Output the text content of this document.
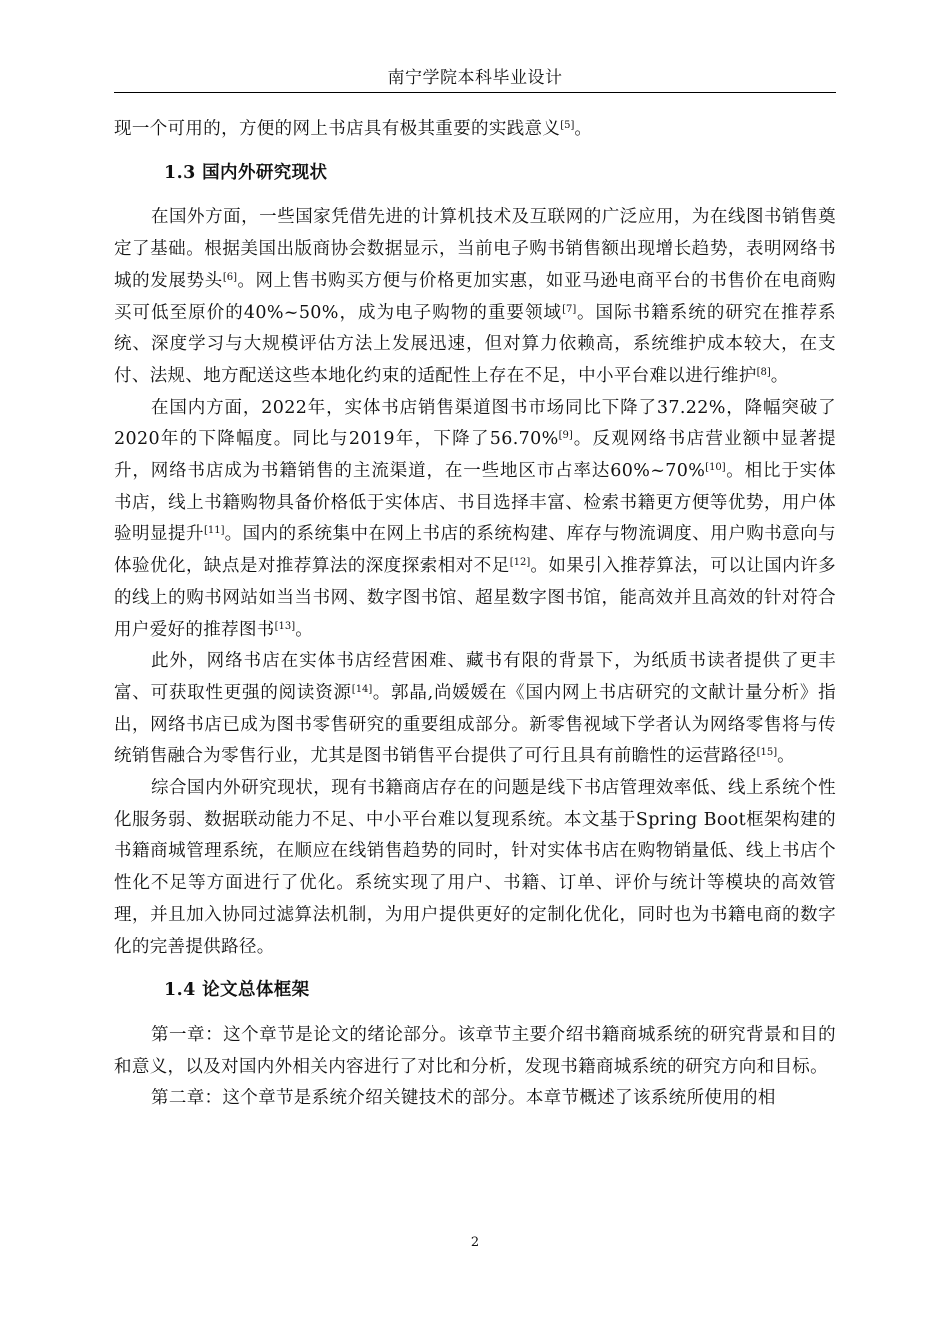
南宁学院本科毕业设计

现一个可用的，方便的网上书店具有极其重要的实践意义[5]。

1.3 国内外研究现状

在国外方面，一些国家凭借先进的计算机技术及互联网的广泛应用，为在线图书销售奠定了基础。根据美国出版商协会数据显示，当前电子购书销售额出现增长趋势，表明网络书城的发展势头[6]。网上售书购买方便与价格更加实惠，如亚马逊电商平台的书售价在电商购买可低至原价的40%~50%，成为电子购物的重要领域[7]。国际书籍系统的研究在推荐系统、深度学习与大规模评估方法上发展迅速，但对算力依赖高，系统维护成本较大，在支付、法规、地方配送这些本地化约束的适配性上存在不足，中小平台难以进行维护[8]。

在国内方面，2022年，实体书店销售渠道图书市场同比下降了37.22%，降幅突破了2020年的下降幅度。同比与2019年，下降了56.70%[9]。反观网络书店营业额中显著提升，网络书店成为书籍销售的主流渠道，在一些地区市占率达60%~70%[10]。相比于实体书店，线上书籍购物具备价格低于实体店、书目选择丰富、检索书籍更方便等优势，用户体验明显提升[11]。国内的系统集中在网上书店的系统构建、库存与物流调度、用户购书意向与体验优化，缺点是对推荐算法的深度探索相对不足[12]。如果引入推荐算法，可以让国内许多的线上的购书网站如当当书网、数字图书馆、超星数字图书馆，能高效并且高效的针对符合用户爱好的推荐图书[13]。

此外，网络书店在实体书店经营困难、藏书有限的背景下，为纸质书读者提供了更丰富、可获取性更强的阅读资源[14]。郭晶,尚媛媛在《国内网上书店研究的文献计量分析》指出，网络书店已成为图书零售研究的重要组成部分。新零售视域下学者认为网络零售将与传统销售融合为零售行业，尤其是图书销售平台提供了可行且具有前瞻性的运营路径[15]。

综合国内外研究现状，现有书籍商店存在的问题是线下书店管理效率低、线上系统个性化服务弱、数据联动能力不足、中小平台难以复现系统。本文基于Spring Boot框架构建的书籍商城管理系统，在顺应在线销售趋势的同时，针对实体书店在购物销量低、线上书店个性化不足等方面进行了优化。系统实现了用户、书籍、订单、评价与统计等模块的高效管理，并且加入协同过滤算法机制，为用户提供更好的定制化优化，同时也为书籍电商的数字化的完善提供路径。

1.4 论文总体框架

第一章：这个章节是论文的绪论部分。该章节主要介绍书籍商城系统的研究背景和目的和意义，以及对国内外相关内容进行了对比和分析，发现书籍商城系统的研究方向和目标。

第二章：这个章节是系统介绍关键技术的部分。本章节概述了该系统所使用的相

2
